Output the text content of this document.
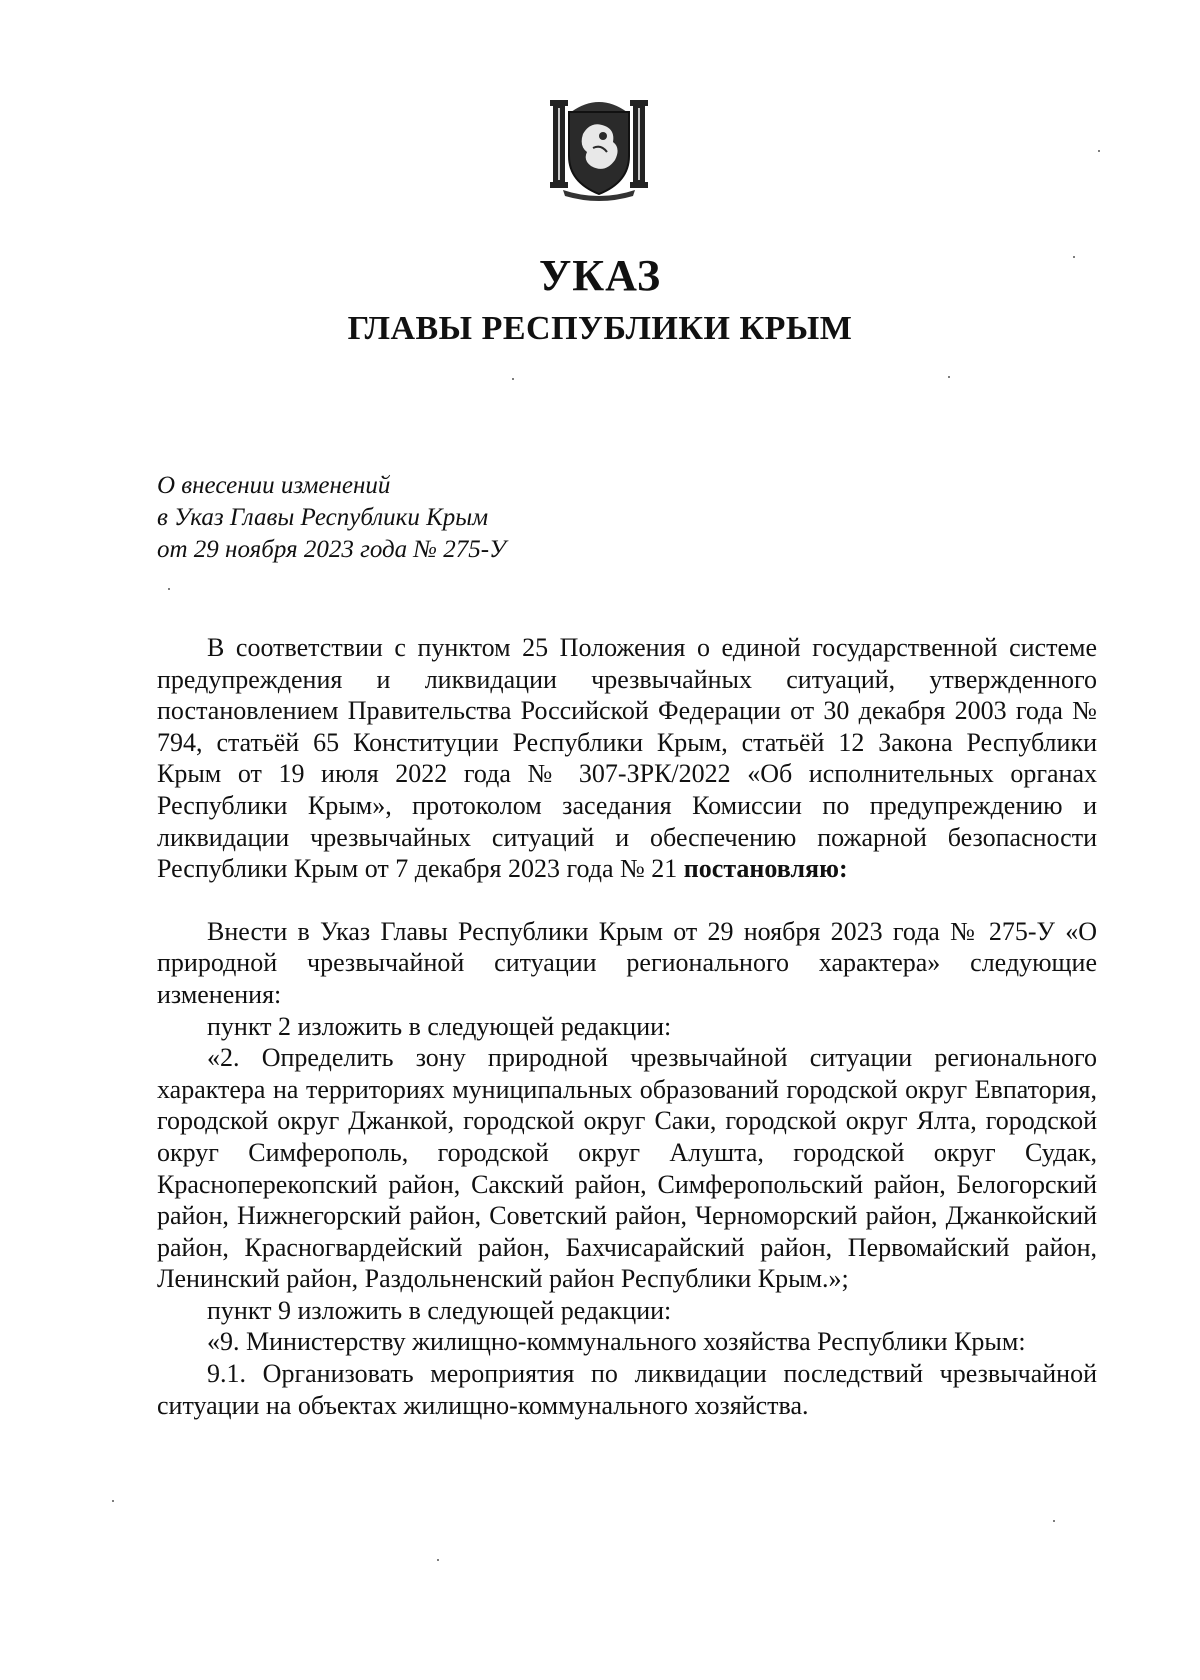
УКАЗ
ГЛАВЫ РЕСПУБЛИКИ КРЫМ
О внесении изменений
в Указ Главы Республики Крым
от 29 ноября 2023 года № 275-У

В соответствии с пунктом 25 Положения о единой государственной системе предупреждения и ликвидации чрезвычайных ситуаций, утвержденного постановлением Правительства Российской Федерации от 30 декабря 2003 года № 794, статьёй 65 Конституции Республики Крым, статьёй 12 Закона Республики Крым от 19 июля 2022 года № 307-ЗРК/2022 «Об исполнительных органах Республики Крым», протоколом заседания Комиссии по предупреждению и ликвидации чрезвычайных ситуаций и обеспечению пожарной безопасности Республики Крым от 7 декабря 2023 года № 21 постановляю:

Внести в Указ Главы Республики Крым от 29 ноября 2023 года № 275-У «О природной чрезвычайной ситуации регионального характера» следующие изменения:

пункт 2 изложить в следующей редакции:

«2. Определить зону природной чрезвычайной ситуации регионального характера на территориях муниципальных образований городской округ Евпатория, городской округ Джанкой, городской округ Саки, городской округ Ялта, городской округ Симферополь, городской округ Алушта, городской округ Судак, Красноперекопский район, Сакский район, Симферопольский район, Белогорский район, Нижнегорский район, Советский район, Черноморский район, Джанкойский район, Красногвардейский район, Бахчисарайский район, Первомайский район, Ленинский район, Раздольненский район Республики Крым.»;

пункт 9 изложить в следующей редакции:

«9. Министерству жилищно-коммунального хозяйства Республики Крым:

9.1. Организовать мероприятия по ликвидации последствий чрезвычайной ситуации на объектах жилищно-коммунального хозяйства.
